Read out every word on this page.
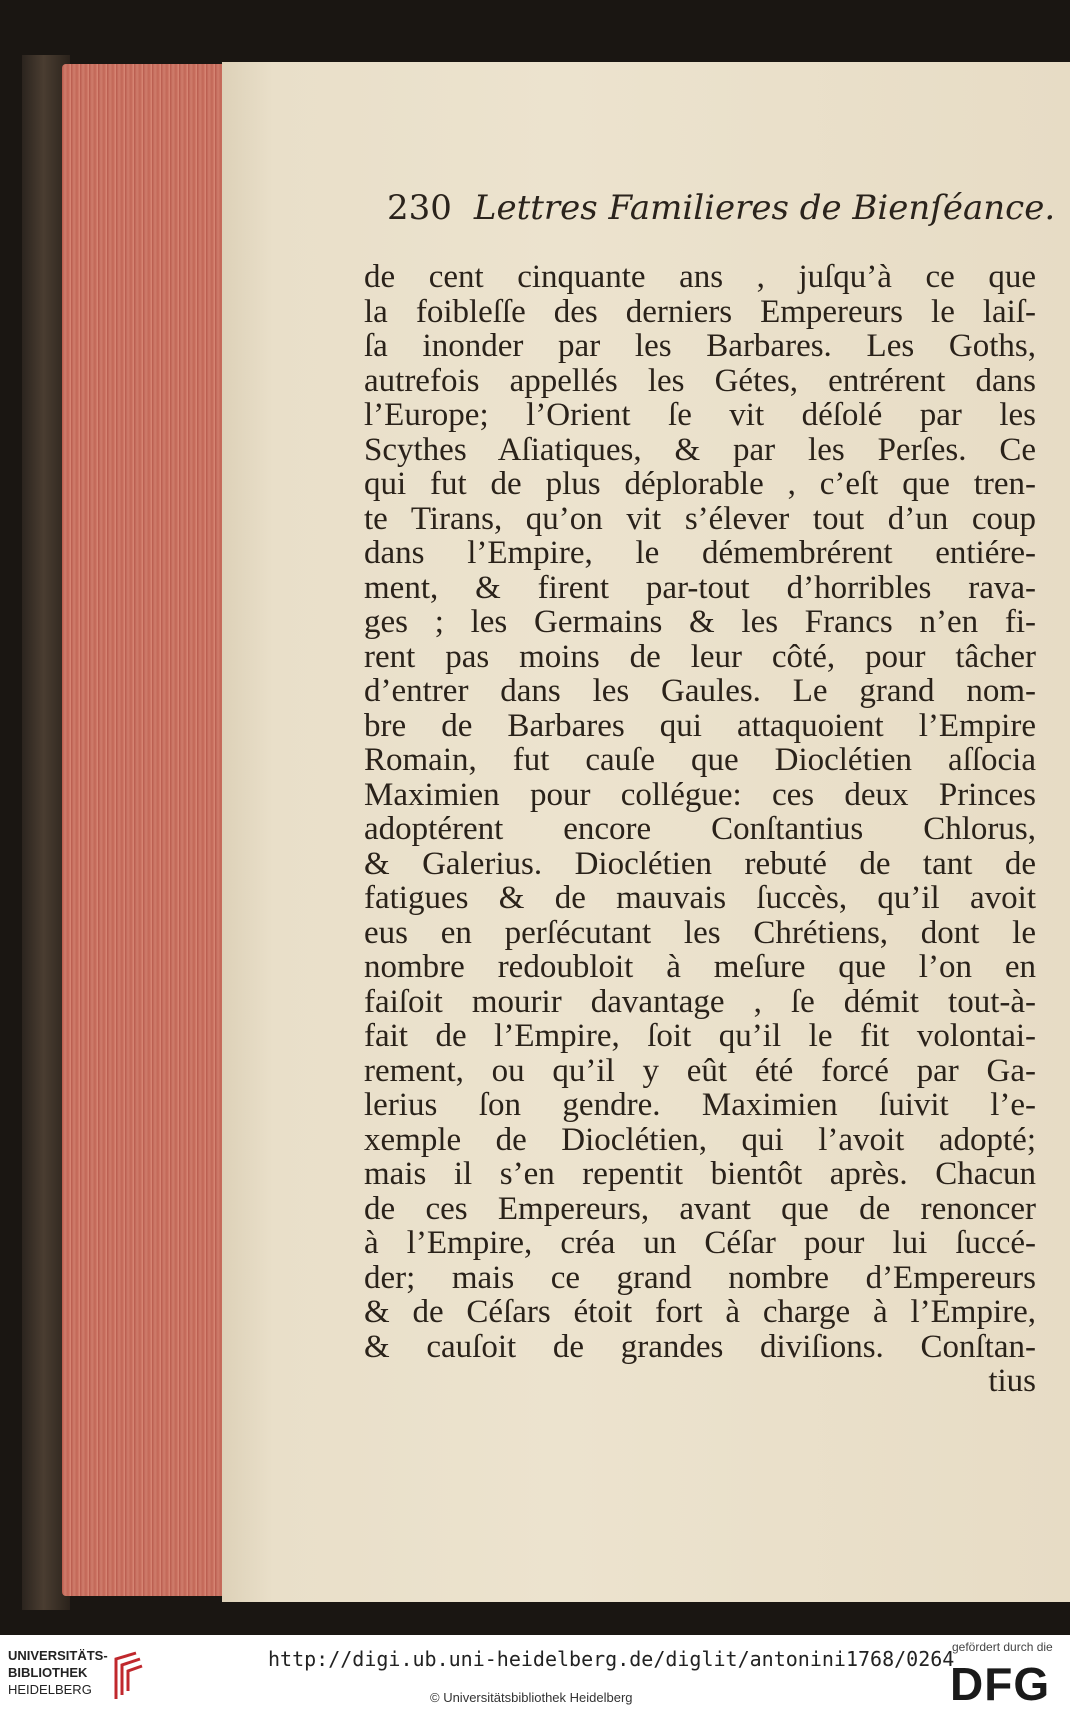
230 Lettres Familieres de Bienſéance.
de cent cinquante ans , juſqu’à ce que
la foibleſſe des derniers Empereurs le laiſ-
ſa inonder par les Barbares. Les Goths,
autrefois appellés les Gétes, entrérent dans
l’Europe; l’Orient ſe vit déſolé par les
Scythes Aſiatiques, & par les Perſes. Ce
qui fut de plus déplorable , c’eſt que tren-
te Tirans, qu’on vit s’élever tout d’un coup
dans l’Empire, le démembrérent entiére-
ment, & firent par-tout d’horribles rava-
ges ; les Germains & les Francs n’en fi-
rent pas moins de leur côté, pour tâcher
d’entrer dans les Gaules. Le grand nom-
bre de Barbares qui attaquoient l’Empire
Romain, fut cauſe que Dioclétien aſſocia
Maximien pour collégue: ces deux Princes
adoptérent encore Conſtantius Chlorus,
& Galerius. Dioclétien rebuté de tant de
fatigues & de mauvais ſuccès, qu’il avoit
eus en perſécutant les Chrétiens, dont le
nombre redoubloit à meſure que l’on en
faiſoit mourir davantage , ſe démit tout-à-
fait de l’Empire, ſoit qu’il le fit volontai-
rement, ou qu’il y eût été forcé par Ga-
lerius ſon gendre. Maximien ſuivit l’e-
xemple de Dioclétien, qui l’avoit adopté;
mais il s’en repentit bientôt après. Chacun
de ces Empereurs, avant que de renoncer
à l’Empire, créa un Céſar pour lui ſuccé-
der; mais ce grand nombre d’Empereurs
& de Céſars étoit fort à charge à l’Empire,
& cauſoit de grandes diviſions. Conſtan-
tius
UNIVERSITÄTS-
BIBLIOTHEK
HEIDELBERG
http://digi.ub.uni-heidelberg.de/diglit/antonini1768/0264
© Universitätsbibliothek Heidelberg
gefördert durch die
DFG
